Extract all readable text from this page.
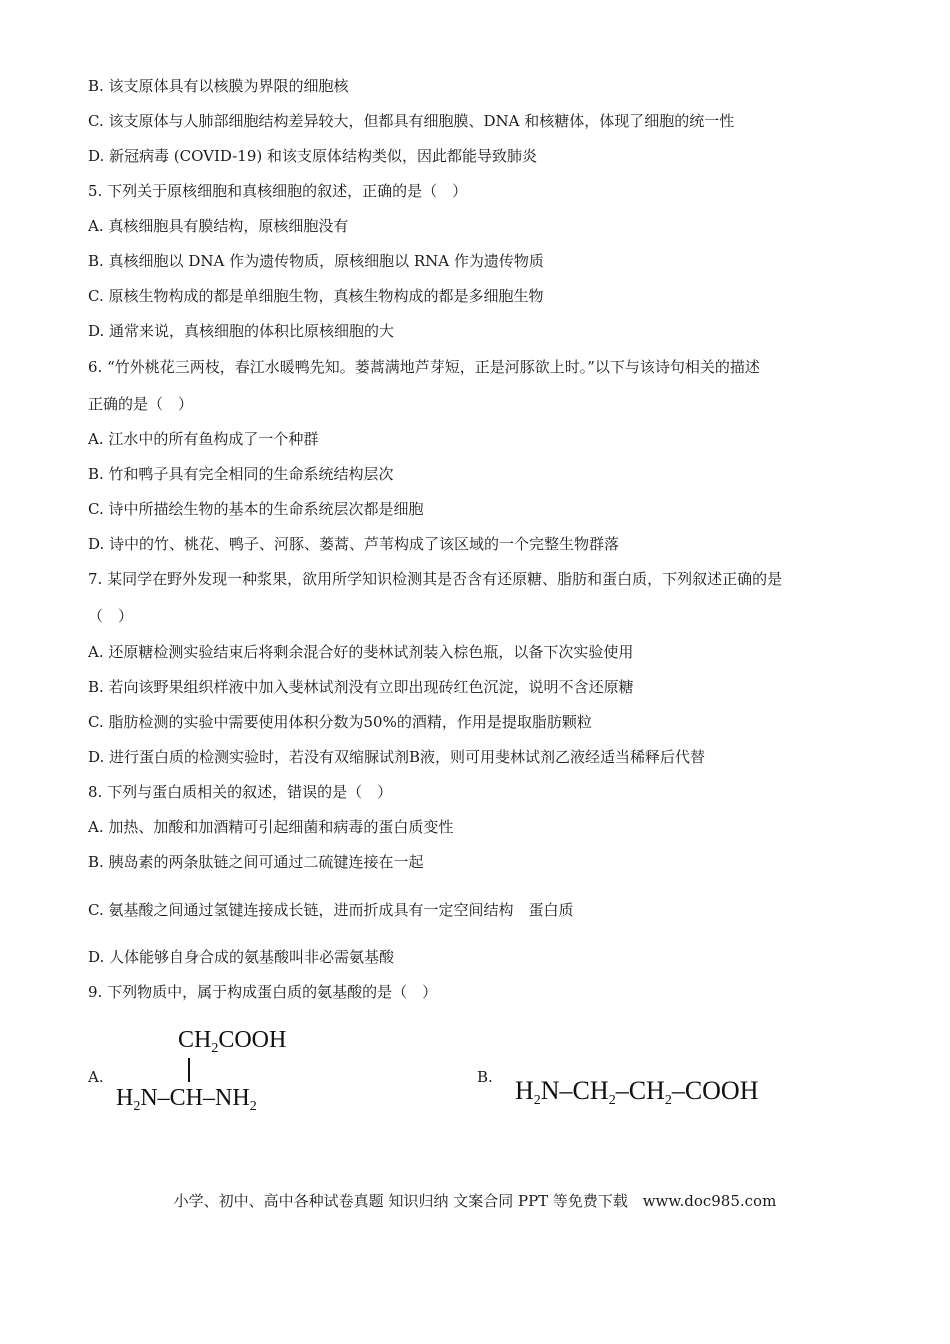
B. 该支原体具有以核膜为界限的细胞核
C. 该支原体与人肺部细胞结构差异较大，但都具有细胞膜、DNA 和核糖体，体现了细胞的统一性
D. 新冠病毒 (COVID-19) 和该支原体结构类似，因此都能导致肺炎
5. 下列关于原核细胞和真核细胞的叙述，正确的是（　）
A. 真核细胞具有膜结构，原核细胞没有
B. 真核细胞以 DNA 作为遗传物质，原核细胞以 RNA 作为遗传物质
C. 原核生物构成的都是单细胞生物，真核生物构成的都是多细胞生物
D. 通常来说，真核细胞的体积比原核细胞的大
6. “竹外桃花三两枝，春江水暖鸭先知。蒌蒿满地芦芽短，正是河豚欲上时。”以下与该诗句相关的描述
正确的是（　）
A. 江水中的所有鱼构成了一个种群
B. 竹和鸭子具有完全相同的生命系统结构层次
C. 诗中所描绘生物的基本的生命系统层次都是细胞
D. 诗中的竹、桃花、鸭子、河豚、蒌蒿、芦苇构成了该区域的一个完整生物群落
7. 某同学在野外发现一种浆果，欲用所学知识检测其是否含有还原糖、脂肪和蛋白质，下列叙述正确的是
（　）
A. 还原糖检测实验结束后将剩余混合好的斐林试剂装入棕色瓶，以备下次实验使用
B. 若向该野果组织样液中加入斐林试剂没有立即出现砖红色沉淀，说明不含还原糖
C. 脂肪检测的实验中需要使用体积分数为50%的酒精，作用是提取脂肪颗粒
D. 进行蛋白质的检测实验时，若没有双缩脲试剂B液，则可用斐林试剂乙液经适当稀释后代替
8. 下列与蛋白质相关的叙述，错误的是（　）
A. 加热、加酸和加酒精可引起细菌和病毒的蛋白质变性
B. 胰岛素的两条肽链之间可通过二硫键连接在一起
C. 氨基酸之间通过氢键连接成长链，进而折成具有一定空间结构　蛋白质
D. 人体能够自身合成的氨基酸叫非必需氨基酸
9. 下列物质中，属于构成蛋白质的氨基酸的是（　）
A.
$CH_2COOH$
$H_2N-CH-NH_2$
B. $H_2N-CH_2-CH_2$–COOH
小学、初中、高中各种试卷真题 知识归纳 文案合同 PPT 等免费下载 www.doc985.com
